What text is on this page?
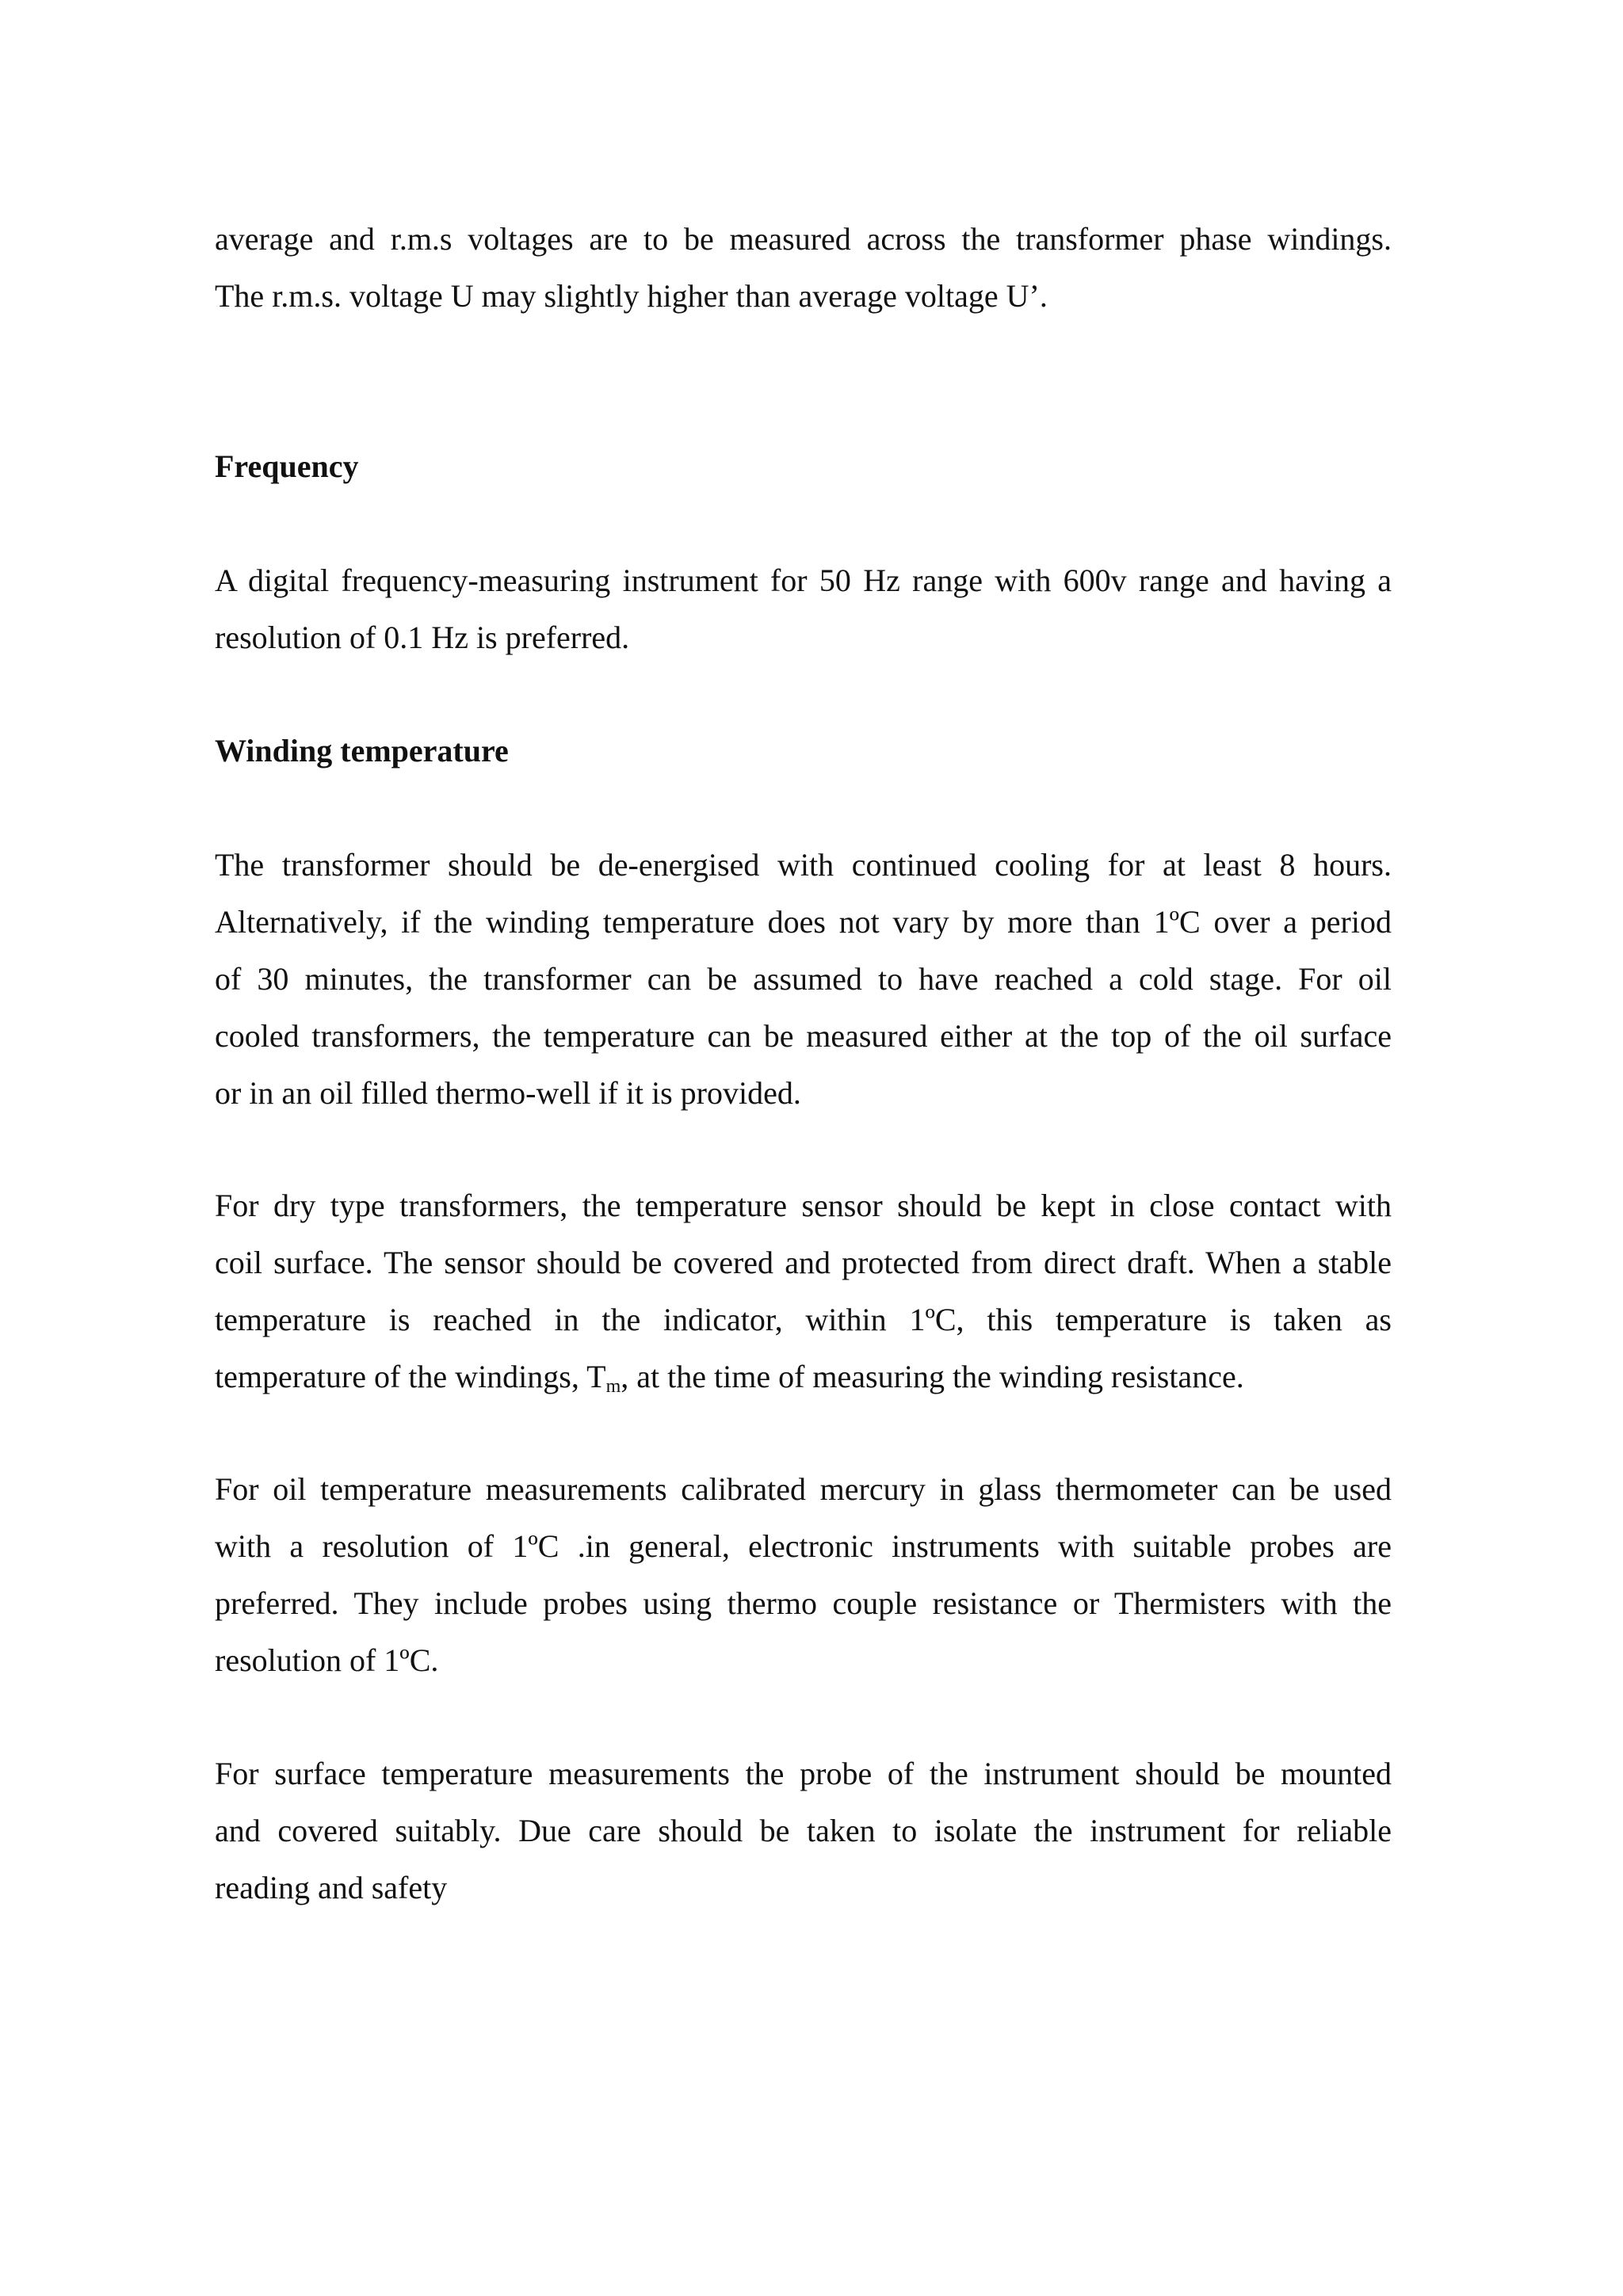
average and r.m.s voltages are to be measured across the transformer phase windings.
The r.m.s. voltage U may slightly higher than average voltage U’.

Frequency

A digital frequency-measuring instrument for 50 Hz range with 600v range and having a
resolution of 0.1 Hz is preferred.

Winding temperature

The transformer should be de-energised with continued cooling for at least 8 hours.
Alternatively, if the winding temperature does not vary by more than 1ºC over a period
of 30 minutes, the transformer can be assumed to have reached a cold stage. For oil
cooled transformers, the temperature can be measured either at the top of the oil surface
or in an oil filled thermo-well if it is provided.

For dry type transformers, the temperature sensor should be kept in close contact with
coil surface. The sensor should be covered and protected from direct draft. When a stable
temperature is reached in the indicator, within 1ºC, this temperature is taken as
temperature of the windings, $T_m$, at the time of measuring the winding resistance.

For oil temperature measurements calibrated mercury in glass thermometer can be used
with a resolution of 1ºC .in general, electronic instruments with suitable probes are
preferred. They include probes using thermo couple resistance or Thermisters with the
resolution of 1ºC.

For surface temperature measurements the probe of the instrument should be mounted
and covered suitably. Due care should be taken to isolate the instrument for reliable
reading and safety
